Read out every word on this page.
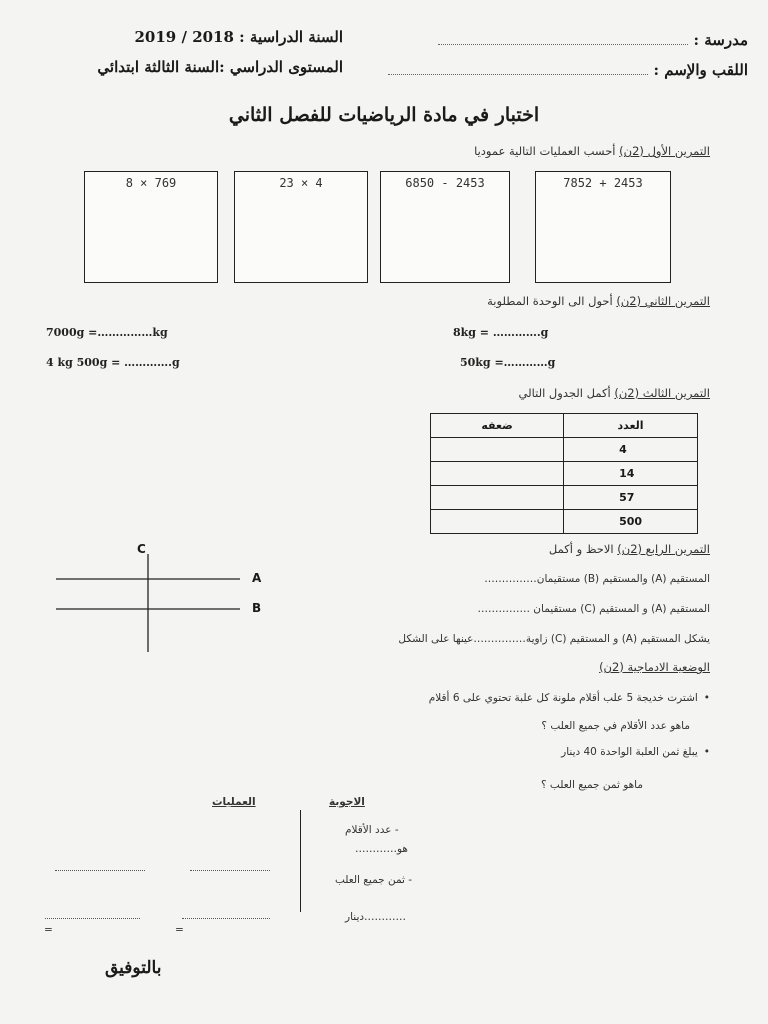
السنة الدراسية : 2018 / 2019
المستوى الدراسي :السنة الثالثة ابتدائي
مدرسة :
اللقب والإسم :
اختبار في مادة الرياضيات للفصل الثاني
التمرين الأول (2ن) أحسب العمليات التالية عموديا
8 × 769	23 × 4	6850 - 2453	7852 + 2453
التمرين الثاني (2ن) أحول الى الوحدة المطلوبة
7000g =……………kg	8kg = ………….g
4 kg 500g = ………….g	50kg =…………g
التمرين الثالث (2ن) أكمل الجدول التالي
ضعفه	العدد
	4
	14
	57
	500
C
A
B
التمرين الرابع (2ن) الاحظ و أكمل
المستقيم (A) والمستقيم (B) مستقيمان……………
المستقيم (A) و المستقيم (C) مستقيمان ……………
يشكل المستقيم (A) و المستقيم (C) زاوية……………عينها على الشكل
الوضعية الادماجية (2ن)
• اشترت خديجة 5 علب أقلام ملونة كل علبة تحتوي على 6 أقلام
ماهو عدد الأقلام في جميع العلب ؟
• يبلغ ثمن العلبة الواحدة 40 دينار
ماهو ثمن جميع العلب ؟
الاجوبة
العمليات
- عدد الأقلام
هو…………
- ثمن جميع العلب
…………دينار
=	=
بالتوفيق
